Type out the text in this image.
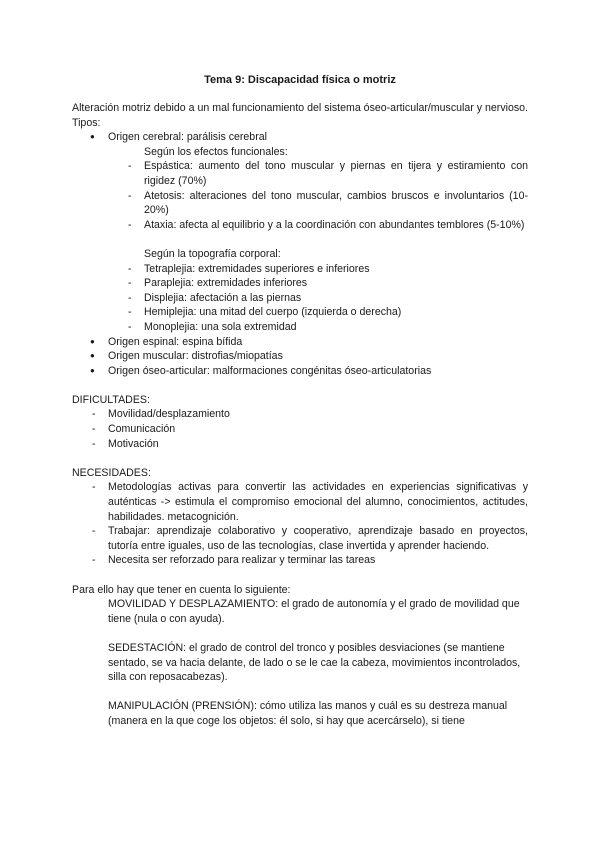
Tema 9: Discapacidad física o motriz

Alteración motriz debido a un mal funcionamiento del sistema óseo-articular/muscular y nervioso. Tipos:

● Origen cerebral: parálisis cerebral
Según los efectos funcionales:
- Espástica: aumento del tono muscular y piernas en tijera y estiramiento con rigidez (70%)
- Atetosis: alteraciones del tono muscular, cambios bruscos e involuntarios (10-20%)
- Ataxia: afecta al equilibrio y a la coordinación con abundantes temblores (5-10%)
Según la topografía corporal:
- Tetraplejia: extremidades superiores e inferiores
- Paraplejia: extremidades inferiores
- Displejia: afectación a las piernas
- Hemiplejia: una mitad del cuerpo (izquierda o derecha)
- Monoplejia: una sola extremidad
● Origen espinal: espina bífida
● Origen muscular: distrofias/miopatías
● Origen óseo-articular: malformaciones congénitas óseo-articulatorias

DIFICULTADES:

- Movilidad/desplazamiento
- Comunicación
- Motivación

NECESIDADES:

- Metodologías activas para convertir las actividades en experiencias significativas y auténticas -> estimula el compromiso emocional del alumno, conocimientos, actitudes, habilidades. metacognición.
- Trabajar: aprendizaje colaborativo y cooperativo, aprendizaje basado en proyectos, tutoría entre iguales, uso de las tecnologías, clase invertida y aprender haciendo.
- Necesita ser reforzado para realizar y terminar las tareas

Para ello hay que tener en cuenta lo siguiente:

MOVILIDAD Y DESPLAZAMIENTO: el grado de autonomía y el grado de movilidad que tiene (nula o con ayuda).
SEDESTACIÓN: el grado de control del tronco y posibles desviaciones (se mantiene sentado, se va hacia delante, de lado o se le cae la cabeza, movimientos incontrolados, silla con reposacabezas).
MANIPULACIÓN (PRENSIÓN): cómo utiliza las manos y cuál es su destreza manual (manera en la que coge los objetos: él solo, si hay que acercárselo), si tiene
